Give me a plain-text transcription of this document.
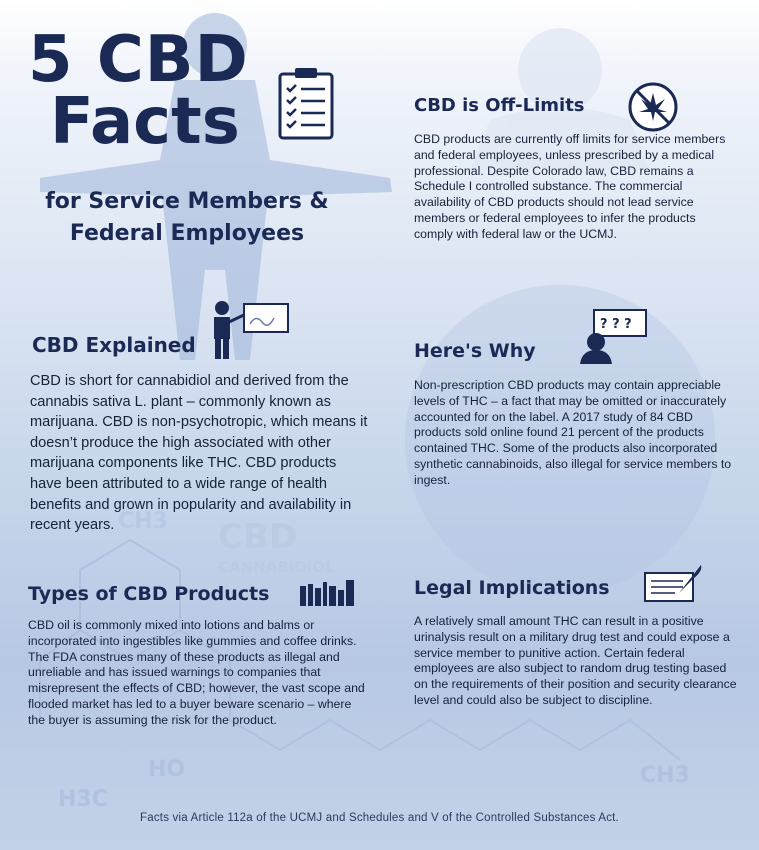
CH3 CBD
CANNABIDIOL
HO
H3C
CH3
5 CBD
Facts
for Service Members & Federal Employees
CBD is Off-Limits
CBD products are currently off limits for service members and federal employees, unless prescribed by a medical professional. Despite Colorado law, CBD remains a Schedule I controlled substance. The commercial availability of CBD products should not lead service members or federal employees to infer the products comply with federal law or the UCMJ.
CBD Explained
CBD is short for cannabidiol and derived from the cannabis sativa L. plant – commonly known as marijuana. CBD is non-psychotropic, which means it doesn’t produce the high associated with other marijuana components like THC. CBD products have been attributed to a wide range of health benefits and grown in popularity and availability in recent years.
? ? ?
Here's Why
Non-prescription CBD products may contain appreciable levels of THC – a fact that may be omitted or inaccurately accounted for on the label. A 2017 study of 84 CBD products sold online found 21 percent of the products contained THC. Some of the products also incorporated synthetic cannabinoids, also illegal for service members to ingest.
Types of CBD Products
CBD oil is commonly mixed into lotions and balms or incorporated into ingestibles like gummies and coffee drinks. The FDA construes many of these products as illegal and unreliable and has issued warnings to companies that misrepresent the effects of CBD; however, the vast scope and flooded market has led to a buyer beware scenario – where the buyer is assuming the risk for the product.
Legal Implications
A relatively small amount THC can result in a positive urinalysis result on a military drug test and could expose a service member to punitive action. Certain federal employees are also subject to random drug testing based on the requirements of their position and security clearance level and could also be subject to discipline.
Facts via Article 112a of the UCMJ and Schedules and V of the Controlled Substances Act.
